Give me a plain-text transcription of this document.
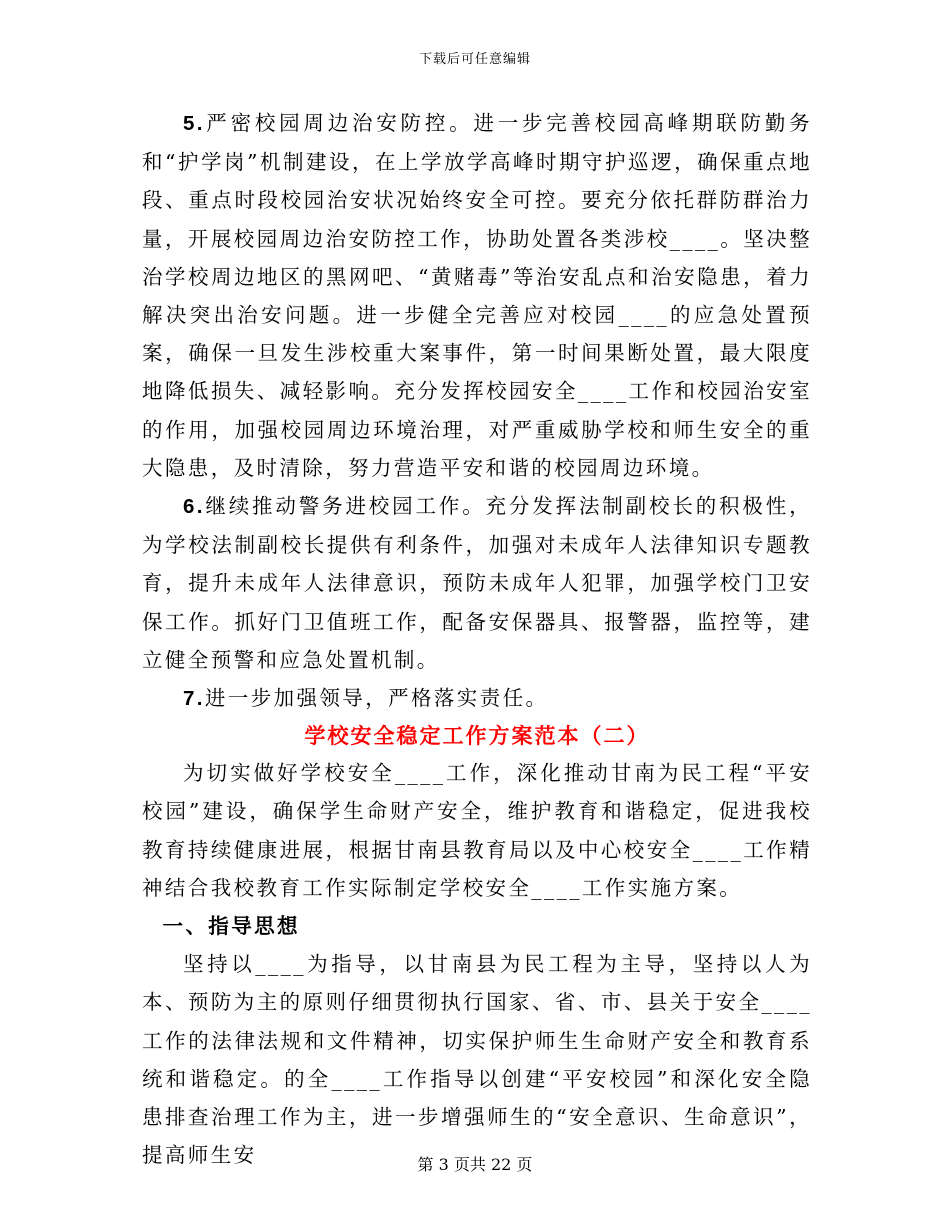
下载后可任意编辑

5.严密校园周边治安防控。进一步完善校园高峰期联防勤务和“护学岗”机制建设，在上学放学高峰时期守护巡逻，确保重点地段、重点时段校园治安状况始终安全可控。要充分依托群防群治力量，开展校园周边治安防控工作，协助处置各类涉校____。坚决整治学校周边地区的黑网吧、“黄赌毒”等治安乱点和治安隐患，着力解决突出治安问题。进一步健全完善应对校园____的应急处置预案，确保一旦发生涉校重大案事件，第一时间果断处置，最大限度地降低损失、减轻影响。充分发挥校园安全____工作和校园治安室的作用，加强校园周边环境治理，对严重威胁学校和师生安全的重大隐患，及时清除，努力营造平安和谐的校园周边环境。

6.继续推动警务进校园工作。充分发挥法制副校长的积极性，为学校法制副校长提供有利条件，加强对未成年人法律知识专题教育，提升未成年人法律意识，预防未成年人犯罪，加强学校门卫安保工作。抓好门卫值班工作，配备安保器具、报警器，监控等，建立健全预警和应急处置机制。

7.进一步加强领导，严格落实责任。

学校安全稳定工作方案范本（二）

为切实做好学校安全____工作，深化推动甘南为民工程“平安校园”建设，确保学生命财产安全，维护教育和谐稳定，促进我校教育持续健康进展，根据甘南县教育局以及中心校安全____工作精神结合我校教育工作实际制定学校安全____工作实施方案。

一、指导思想

坚持以____为指导，以甘南县为民工程为主导，坚持以人为本、预防为主的原则仔细贯彻执行国家、省、市、县关于安全____工作的法律法规和文件精神，切实保护师生生命财产安全和教育系统和谐稳定。的全____工作指导以创建“平安校园”和深化安全隐患排查治理工作为主，进一步增强师生的“安全意识、生命意识”，提高师生安	第 3 页共 22 页
